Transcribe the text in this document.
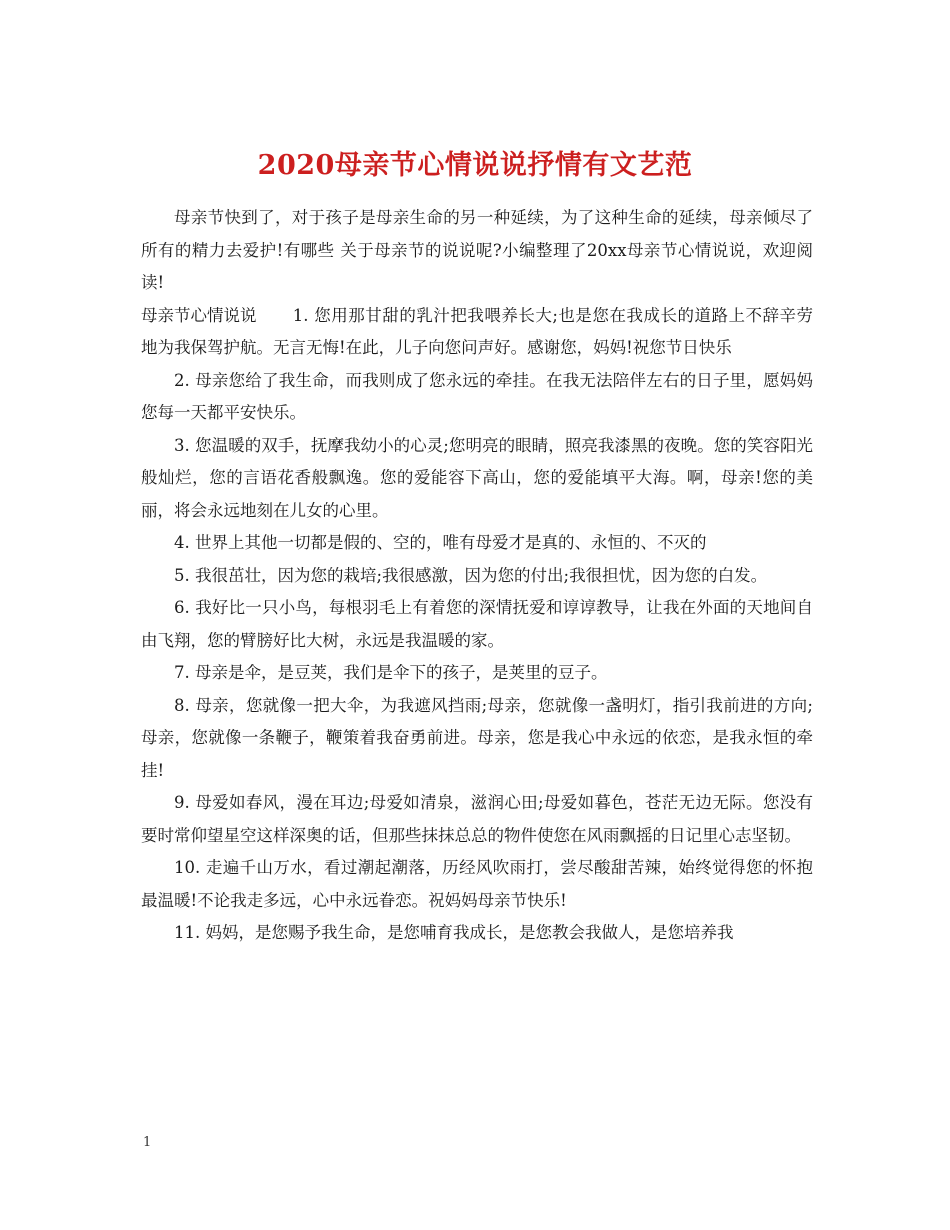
2020母亲节心情说说抒情有文艺范

母亲节快到了，对于孩子是母亲生命的另一种延续，为了这种生命的延续，母亲倾尽了所有的精力去爱护!有哪些 关于母亲节的说说呢?小编整理了20xx母亲节心情说说，欢迎阅读!

母亲节心情说说 1. 您用那甘甜的乳汁把我喂养长大;也是您在我成长的道路上不辞辛劳地为我保驾护航。无言无悔!在此，儿子向您问声好。感谢您，妈妈!祝您节日快乐

2. 母亲您给了我生命，而我则成了您永远的牵挂。在我无法陪伴左右的日子里，愿妈妈您每一天都平安快乐。

3. 您温暖的双手，抚摩我幼小的心灵;您明亮的眼睛，照亮我漆黑的夜晚。您的笑容阳光般灿烂，您的言语花香般飘逸。您的爱能容下高山，您的爱能填平大海。啊，母亲!您的美丽，将会永远地刻在儿女的心里。

4. 世界上其他一切都是假的、空的，唯有母爱才是真的、永恒的、不灭的

5. 我很茁壮，因为您的栽培;我很感激，因为您的付出;我很担忧，因为您的白发。

6. 我好比一只小鸟，每根羽毛上有着您的深情抚爱和谆谆教导，让我在外面的天地间自由飞翔，您的臂膀好比大树，永远是我温暖的家。

7. 母亲是伞，是豆荚，我们是伞下的孩子，是荚里的豆子。

8. 母亲，您就像一把大伞，为我遮风挡雨;母亲，您就像一盏明灯，指引我前进的方向;母亲，您就像一条鞭子，鞭策着我奋勇前进。母亲，您是我心中永远的依恋，是我永恒的牵挂!

9. 母爱如春风，漫在耳边;母爱如清泉，滋润心田;母爱如暮色，苍茫无边无际。您没有要时常仰望星空这样深奥的话，但那些抹抹总总的物件使您在风雨飘摇的日记里心志坚韧。

10. 走遍千山万水，看过潮起潮落，历经风吹雨打，尝尽酸甜苦辣，始终觉得您的怀抱最温暖!不论我走多远，心中永远眷恋。祝妈妈母亲节快乐!

11. 妈妈，是您赐予我生命，是您哺育我成长，是您教会我做人，是您培养我

1
